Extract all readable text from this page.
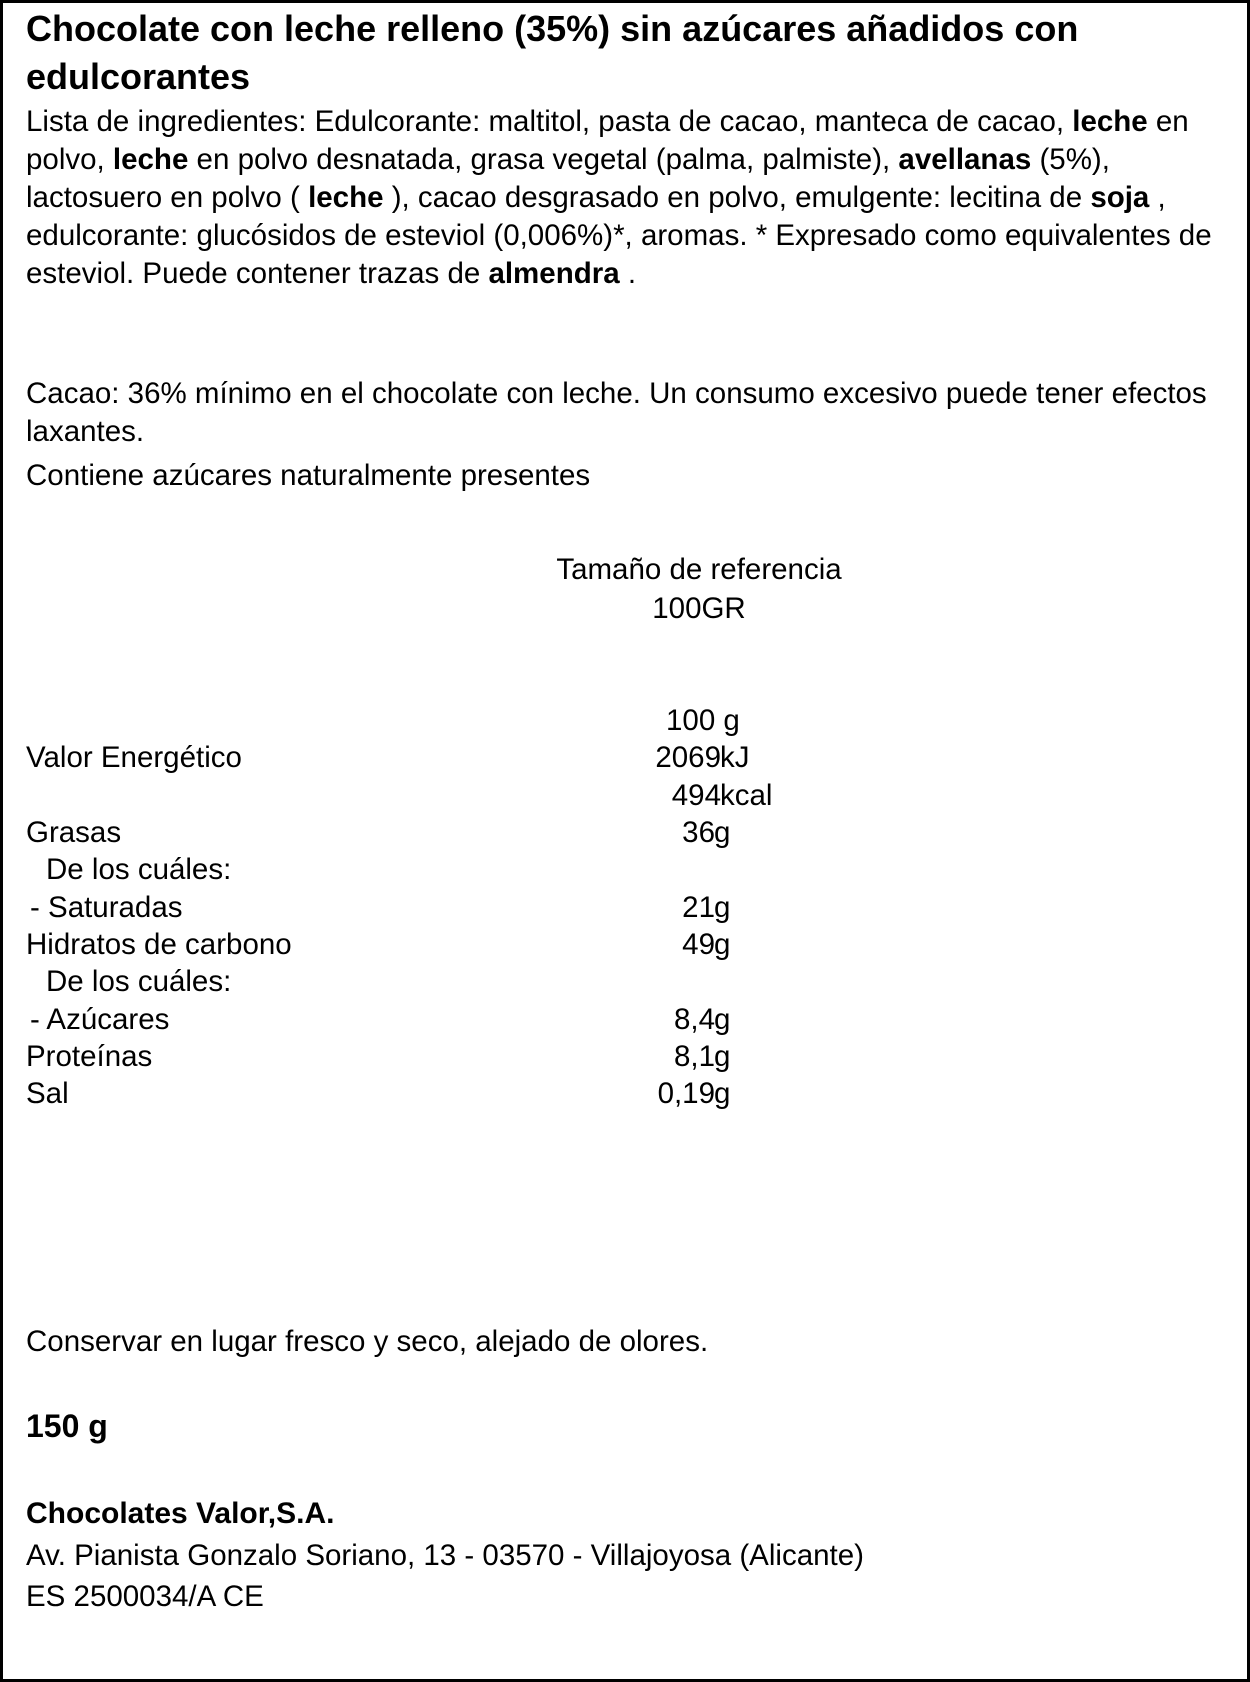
Chocolate con leche relleno (35%) sin azúcares añadidos con edulcorantes
Lista de ingredientes: Edulcorante: maltitol, pasta de cacao, manteca de cacao, leche en polvo, leche en polvo desnatada, grasa vegetal (palma, palmiste), avellanas (5%), lactosuero en polvo ( leche ), cacao desgrasado en polvo, emulgente: lecitina de soja , edulcorante: glucósidos de esteviol (0,006%)*, aromas. * Expresado como equivalentes de esteviol. Puede contener trazas de almendra .
Cacao: 36% mínimo en el chocolate con leche. Un consumo excesivo puede tener efectos laxantes.
Contiene azúcares naturalmente presentes
Tamaño de referencia
100GR
100 g
Valor Energético	2069 kJ
494 kcal
Grasas	36 g
De los cuáles:
- Saturadas	21 g
Hidratos de carbono	49 g
De los cuáles:
- Azúcares	8,4 g
Proteínas	8,1 g
Sal	0,19 g
Conservar en lugar fresco y seco, alejado de olores.
150 g
Chocolates Valor,S.A.
Av. Pianista Gonzalo Soriano, 13 - 03570 - Villajoyosa (Alicante)
ES 2500034/A CE
